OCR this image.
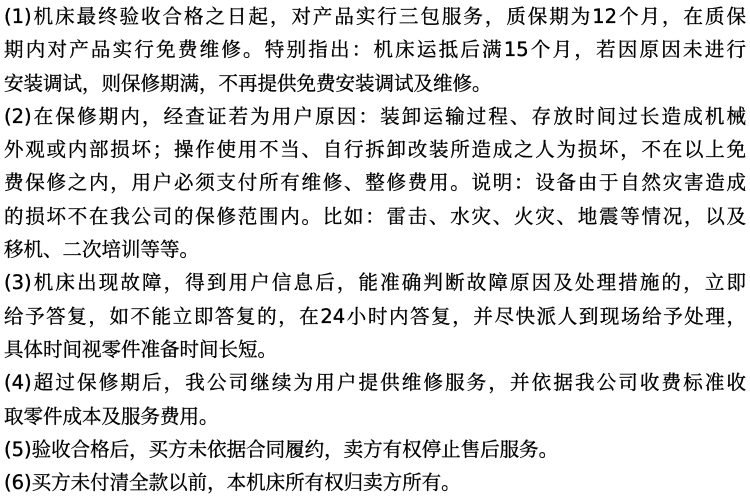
(1)机床最终验收合格之日起，对产品实行三包服务，质保期为12个月，在质保
期内对产品实行免费维修。特别指出：机床运抵后满15个月，若因原因未进行
安装调试，则保修期满，不再提供免费安装调试及维修。
(2)在保修期内，经查证若为用户原因：装卸运输过程、存放时间过长造成机械
外观或内部损坏；操作使用不当、自行拆卸改装所造成之人为损坏，不在以上免
费保修之内，用户必须支付所有维修、整修费用。说明：设备由于自然灾害造成
的损坏不在我公司的保修范围内。比如：雷击、水灾、火灾、地震等情况，以及
移机、二次培训等等。
(3)机床出现故障，得到用户信息后，能准确判断故障原因及处理措施的，立即
给予答复，如不能立即答复的，在24小时内答复，并尽快派人到现场给予处理，
具体时间视零件准备时间长短。
(4)超过保修期后，我公司继续为用户提供维修服务，并依据我公司收费标准收
取零件成本及服务费用。
(5)验收合格后，买方未依据合同履约，卖方有权停止售后服务。
(6)买方未付清全款以前，本机床所有权归卖方所有。
